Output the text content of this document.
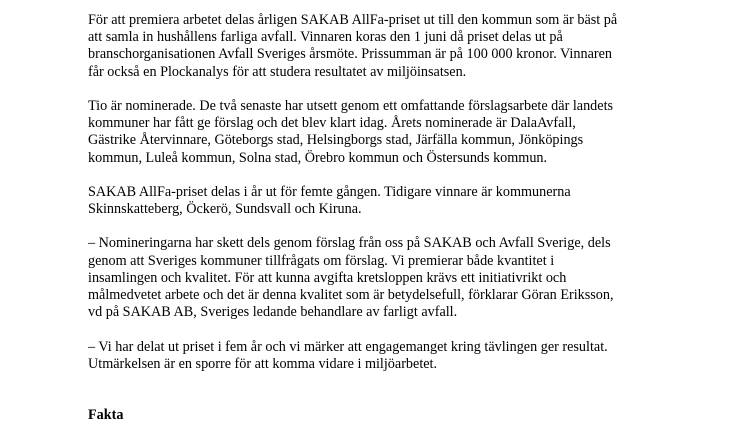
För att premiera arbetet delas årligen SAKAB AllFa-priset ut till den kommun som är bäst på
att samla in hushållens farliga avfall. Vinnaren koras den 1 juni då priset delas ut på
branschorganisationen Avfall Sveriges årsmöte. Prissumman är på 100 000 kronor. Vinnaren
får också en Plockanalys för att studera resultatet av miljöinsatsen.

Tio är nominerade. De två senaste har utsett genom ett omfattande förslagsarbete där landets
kommuner har fått ge förslag och det blev klart idag. Årets nominerade är DalaAvfall,
Gästrike Återvinnare, Göteborgs stad, Helsingborgs stad, Järfälla kommun, Jönköpings
kommun, Luleå kommun, Solna stad, Örebro kommun och Östersunds kommun.

SAKAB AllFa-priset delas i år ut för femte gången. Tidigare vinnare är kommunerna
Skinnskatteberg, Öckerö, Sundsvall och Kiruna.

– Nomineringarna har skett dels genom förslag från oss på SAKAB och Avfall Sverige, dels
genom att Sveriges kommuner tillfrågats om förslag. Vi premierar både kvantitet i
insamlingen och kvalitet. För att kunna avgifta kretsloppen krävs ett initiativrikt och
målmedvetet arbete och det är denna kvalitet som är betydelsefull, förklarar Göran Eriksson,
vd på SAKAB AB, Sveriges ledande behandlare av farligt avfall.

– Vi har delat ut priset i fem år och vi märker att engagemanget kring tävlingen ger resultat.
Utmärkelsen är en sporre för att komma vidare i miljöarbetet.

Fakta
